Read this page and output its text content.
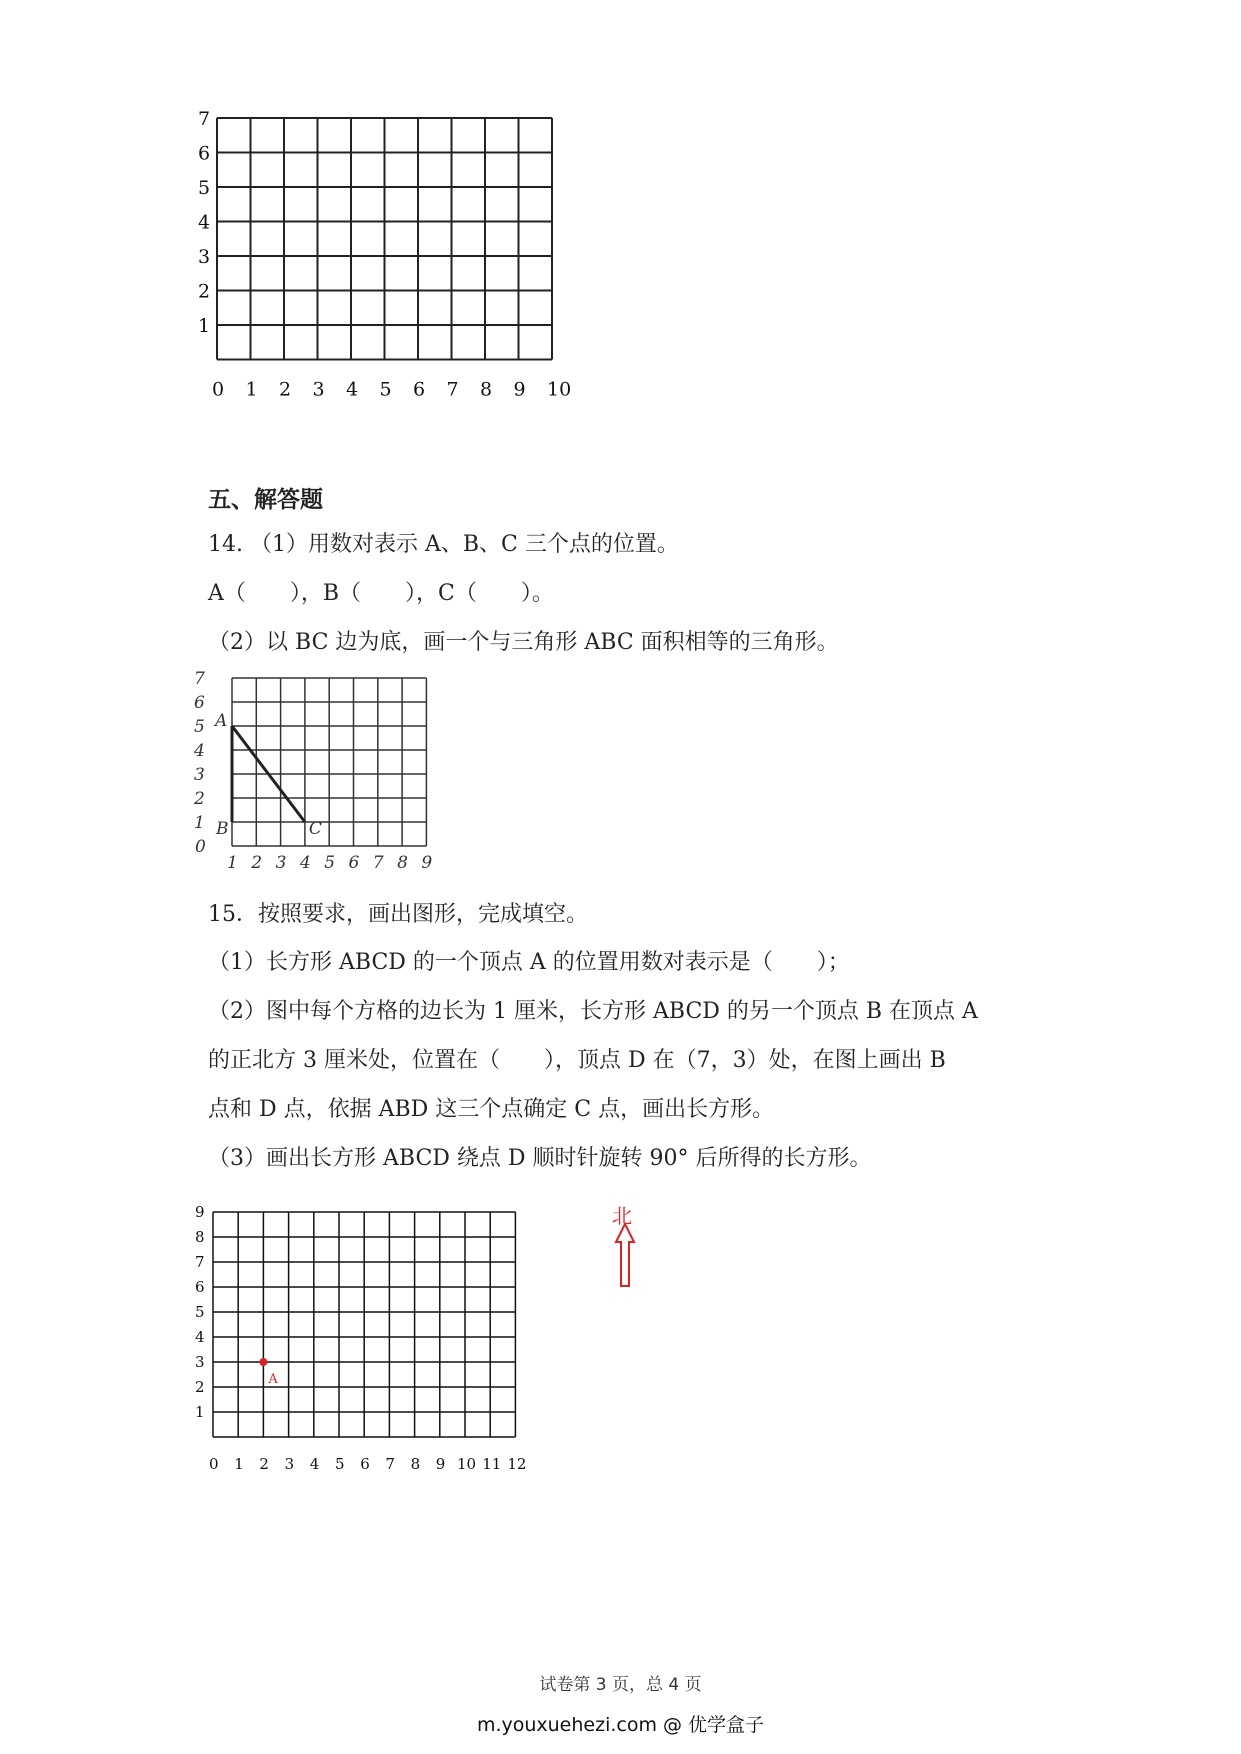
7
6
5
4
3
2
1
0 1 2 3 4 5 6 7 8 9 10
五、解答题
14. （1）用数对表示 A、B、C 三个点的位置。
A（　　），B（　　），C（　　）。
（2）以 BC 边为底，画一个与三角形 ABC 面积相等的三角形。
7
6
5
4
3
2
1
0
1 2 3 4 5 6 7 8 9
A
B	C
15．按照要求，画出图形，完成填空。
（1）长方形 ABCD 的一个顶点 A 的位置用数对表示是（　　）；
（2）图中每个方格的边长为 1 厘米，长方形 ABCD 的另一个顶点 B 在顶点 A
的正北方 3 厘米处，位置在（　　），顶点 D 在（7，3）处，在图上画出 B
点和 D 点，依据 ABD 这三个点确定 C 点，画出长方形。
（3）画出长方形 ABCD 绕点 D 顺时针旋转 90° 后所得的长方形。
A
9
8
7
6
5
4
3
2
1
0 1 2 3 4 5 6 7 8 9 10 11 12
北
试卷第 3 页，总 4 页
m.youxuehezi.com @ 优学盒子
